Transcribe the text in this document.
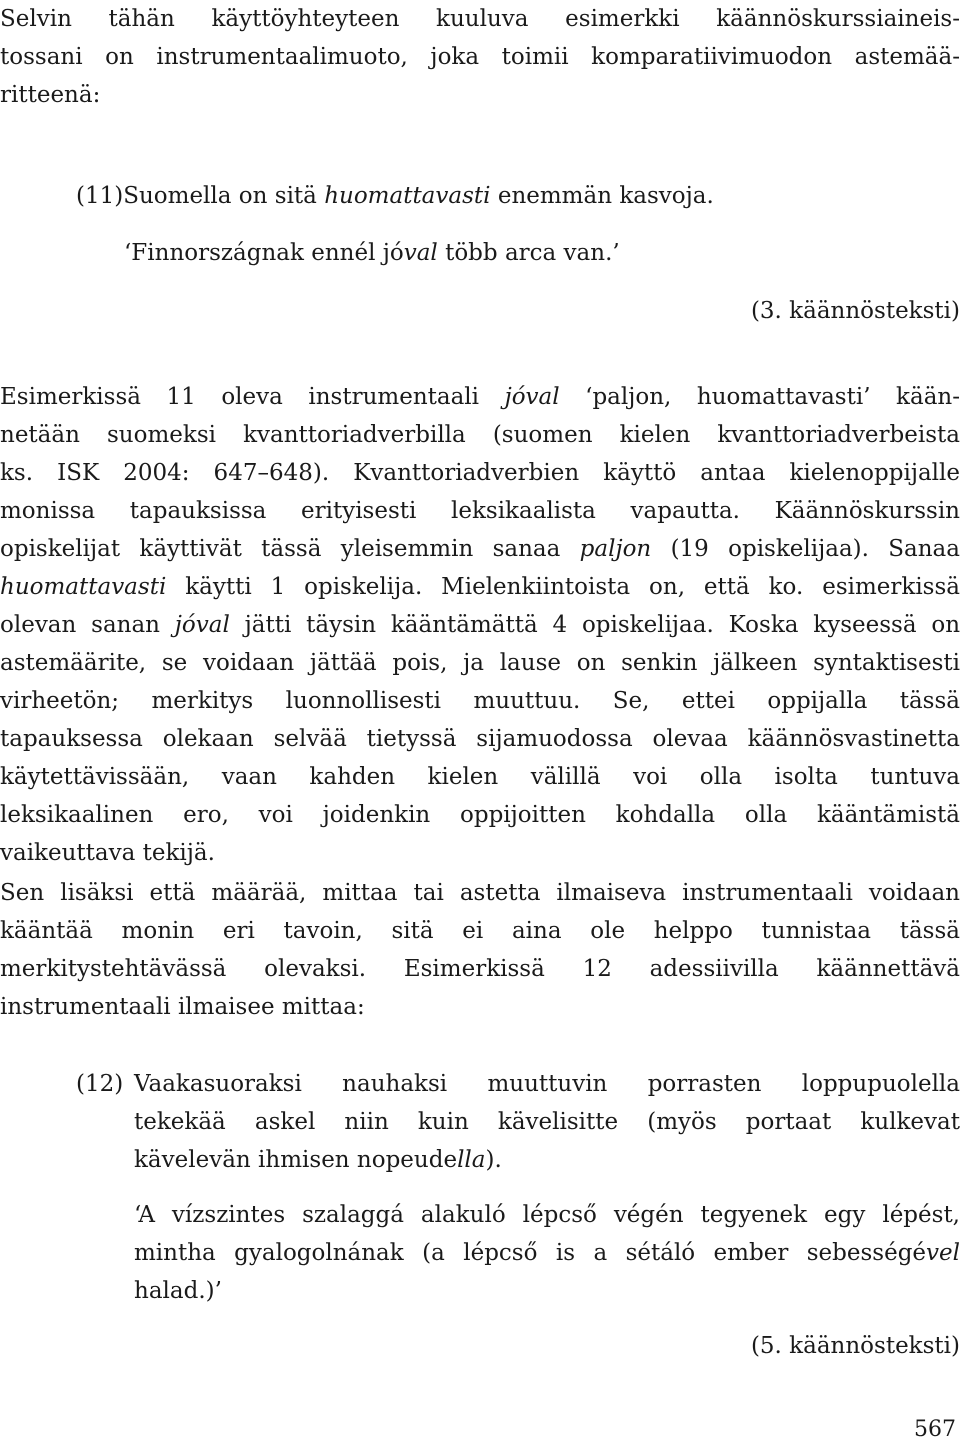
Selvin tähän käyttöyhteyteen kuuluva esimerkki käännöskurssiaineis-
tossani on instrumentaalimuoto, joka toimii komparatiivimuodon astemää-
ritteenä:
(11)Suomella on sitä huomattavasti enemmän kasvoja.
‘Finnországnak ennél jóval több arca van.’
(3. käännösteksti)
Esimerkissä 11 oleva instrumentaali jóval ‘paljon, huomattavasti’ kään-
netään suomeksi kvanttoriadverbilla (suomen kielen kvanttoriadverbeista
ks. ISK 2004: 647–648). Kvanttoriadverbien käyttö antaa kielenoppijalle
monissa tapauksissa erityisesti leksikaalista vapautta. Käännöskurssin
opiskelijat käyttivät tässä yleisemmin sanaa paljon (19 opiskelijaa). Sanaa
huomattavasti käytti 1 opiskelija. Mielenkiintoista on, että ko. esimerkissä
olevan sanan jóval jätti täysin kääntämättä 4 opiskelijaa. Koska kyseessä on
astemäärite, se voidaan jättää pois, ja lause on senkin jälkeen syntaktisesti
virheetön; merkitys luonnollisesti muuttuu. Se, ettei oppijalla tässä
tapauksessa olekaan selvää tietyssä sijamuodossa olevaa käännösvastinetta
käytettävissään, vaan kahden kielen välillä voi olla isolta tuntuva
leksikaalinen ero, voi joidenkin oppijoitten kohdalla olla kääntämistä
vaikeuttava tekijä.
Sen lisäksi että määrää, mittaa tai astetta ilmaiseva instrumentaali voidaan
kääntää monin eri tavoin, sitä ei aina ole helppo tunnistaa tässä
merkitystehtävässä olevaksi. Esimerkissä 12 adessiivilla käännettävä
instrumentaali ilmaisee mittaa:
(12) Vaakasuoraksi nauhaksi muuttuvin porrasten loppupuolella
tekekää askel niin kuin kävelisitte (myös portaat kulkevat
kävelevän ihmisen nopeudella).
‘A vízszintes szalaggá alakuló lépcső végén tegyenek egy lépést,
mintha gyalogolnának (a lépcső is a sétáló ember sebességével
halad.)’
(5. käännösteksti)
567
